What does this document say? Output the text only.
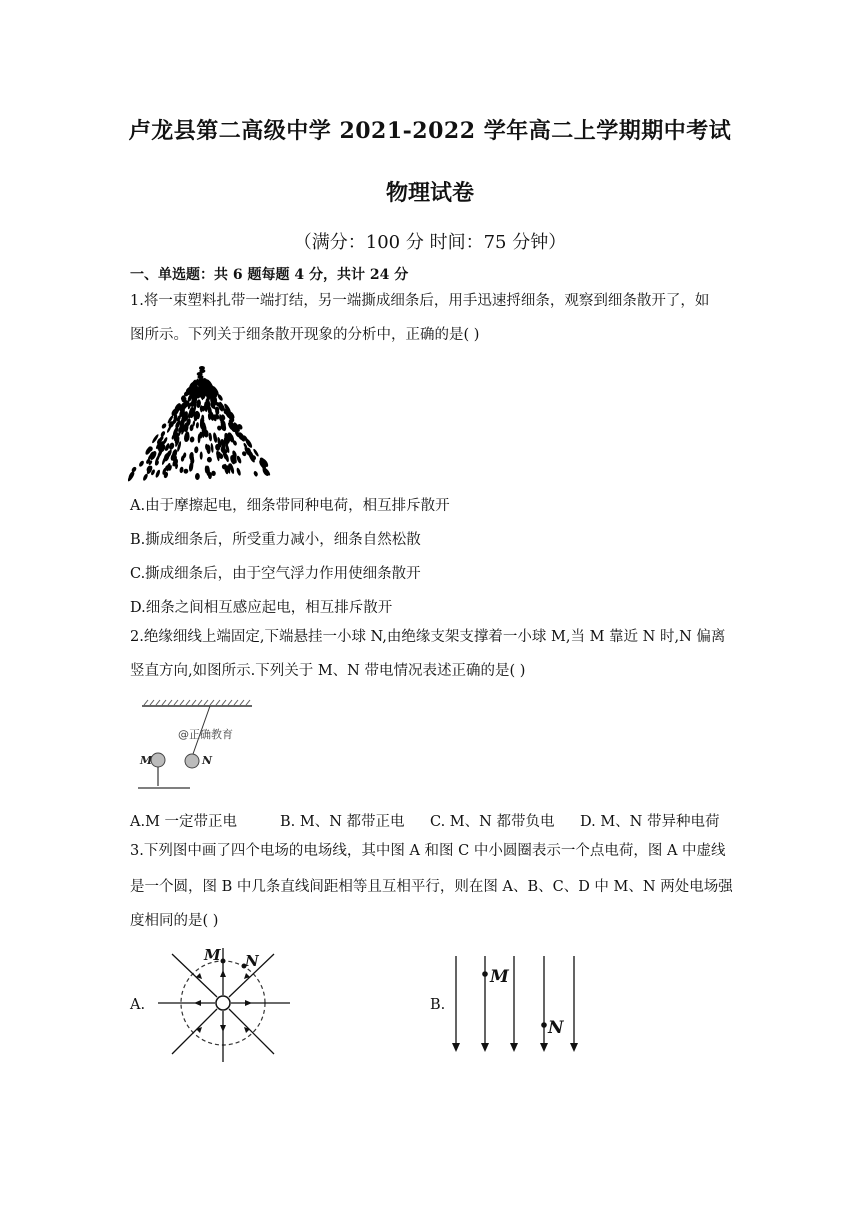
卢龙县第二高级中学 2021-2022 学年高二上学期期中考试
物理试卷
（满分：100 分 时间：75 分钟）
一、单选题：共 6 题每题 4 分，共计 24 分
1.将一束塑料扎带一端打结，另一端撕成细条后，用手迅速捋细条，观察到细条散开了，如
图所示。下列关于细条散开现象的分析中，正确的是( )
A.由于摩擦起电，细条带同种电荷，相互排斥散开
B.撕成细条后，所受重力减小，细条自然松散
C.撕成细条后，由于空气浮力作用使细条散开
D.细条之间相互感应起电，相互排斥散开
2.绝缘细线上端固定,下端悬挂一小球 N,由绝缘支架支撑着一小球 M,当 M 靠近 N 时,N 偏离
竖直方向,如图所示.下列关于 M、N 带电情况表述正确的是( )
@正确教育
M	N
A.M 一定带正电	B. M、N 都带正电 C. M、N 都带负电 D. M、N 带异种电荷
3.下列图中画了四个电场的电场线，其中图 A 和图 C 中小圆圈表示一个点电荷，图 A 中虚线
是一个圆，图 B 中几条直线间距相等且互相平行，则在图 A、B、C、D 中 M、N 两处电场强
度相同的是( )
A.
M N
B.
M
N
